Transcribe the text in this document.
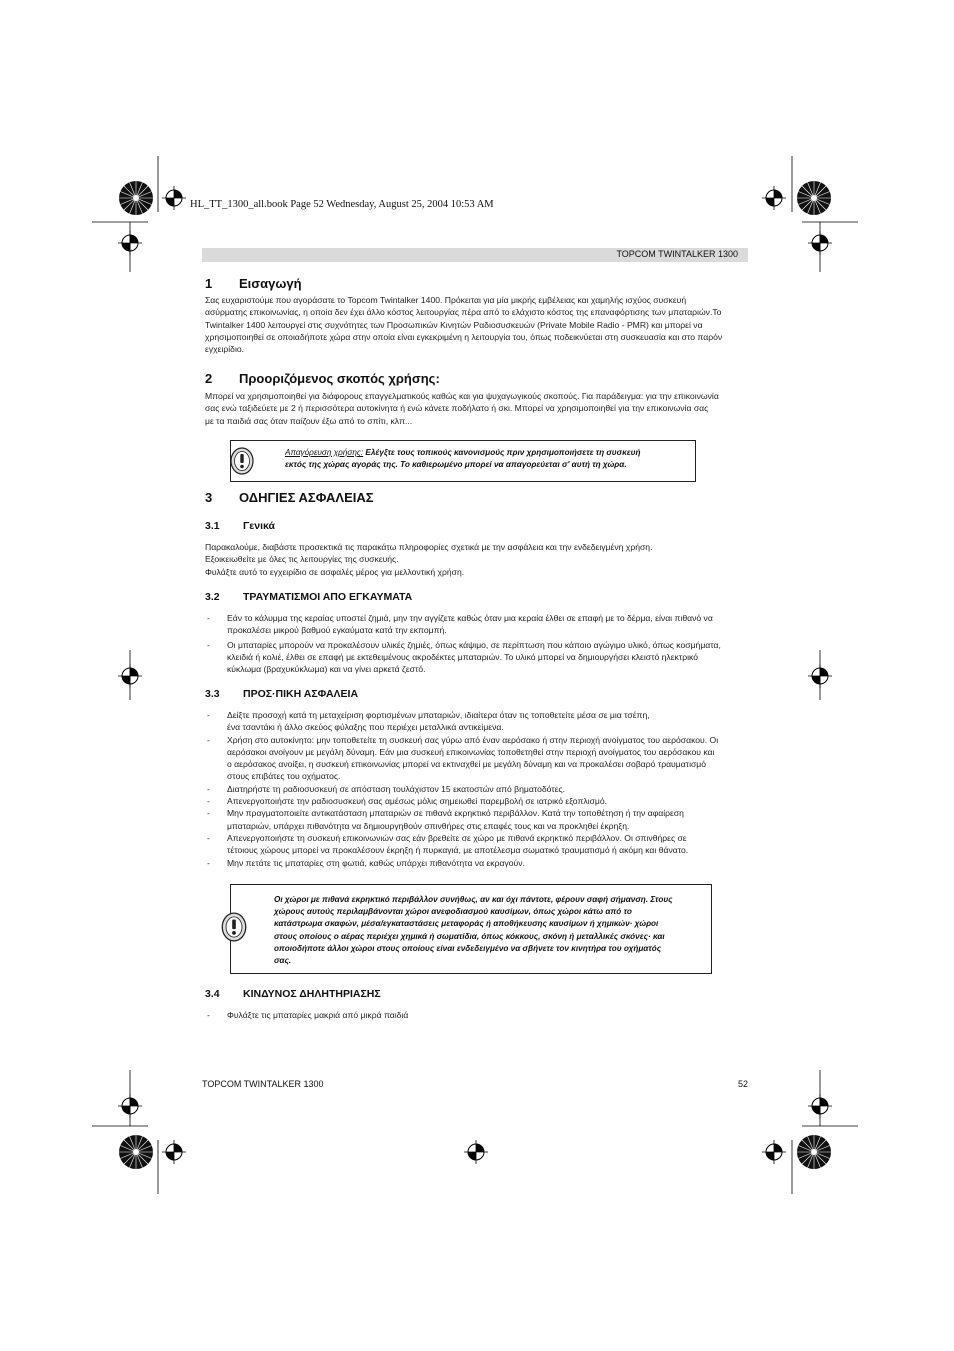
HL_TT_1300_all.book Page 52 Wednesday, August 25, 2004 10:53 AM
TOPCOM TWINTALKER 1300
1 Εισαγωγή

Σας ευχαριστούμε που αγοράσατε το Topcom Twintalker 1400. Πρόκειται για μία μικρής εμβέλειας και χαμηλής ισχύος συσκευή

ασύρματης επικοινωνίας, η οποία δεν έχει άλλο κόστος λειτουργίας πέρα από το ελάχιστο κόστος της επαναφόρτισης των μπαταριών.Το

Twintalker 1400 λειτουργεί στις συχνότητες των Προσωπικών Κινητών Ραδιοσυσκευών (Private Mobile Radio - PMR) και μπορεί να

χρησιμοποιηθεί σε οποιαδήποτε χώρα στην οποία είναι εγκεκριμένη η λειτουργία του, όπως ποδεικνύεται στη συσκευασία και στο παρόν

εγχειρίδιο.

2 Προοριζόμενος σκοπός χρήσης:

Μπορεί να χρησιμοποιηθεί για διάφορους επαγγελματικούς καθώς και για ψυχαγωγικούς σκοπούς. Για παράδειγμα: για την επικοινωνία

σας ενώ ταξιδεύετε με 2 ή περισσότερα αυτοκίνητα ή ενώ κάνετε ποδήλατο ή σκι. Μπορεί να χρησιμοποιηθεί για την επικοινωνία σας

με τα παιδιά σας όταν παίζουν έξω από το σπίτι, κλπ...

Απαγόρευση χρήσης: Ελέγξτε τους τοπικούς κανονισμούς πριν χρησιμοποιήσετε τη συσκευή
εκτός της χώρας αγοράς της. Το καθιερωμένο μπορεί να απαγορεύεται σ' αυτή τη χώρα.
3 ΟΔΗΓΙΕΣ ΑΣΦΑΛΕΙΑΣ
3.1 Γενικά

Παρακαλούμε, διαβάστε προσεκτικά τις παρακάτω πληροφορίες σχετικά με την ασφάλεια και την ενδεδειγμένη χρήση.

Εξοικειωθείτε με όλες τις λειτουργίες της συσκευής.

Φυλάξτε αυτό το εγχειρίδιο σε ασφαλές μέρος για μελλοντική χρήση.

3.2 ΤΡΑΥΜΑΤΙΣΜΟΙ ΑΠΟ ΕΓΚΑΥΜΑΤΑ
- Εάν το κάλυμμα της κεραίας υποστεί ζημιά, μην την αγγίζετε καθώς όταν μια κεραία έλθει σε επαφή με το δέρμα, είναι πιθανό να
προκαλέσει μικρού βαθμού εγκαύματα κατά την εκπομπή.
- Οι μπαταρίες μπορούν να προκαλέσουν υλικές ζημιές, όπως κάψιμο, σε περίπτωση που κάποιο αγώγιμο υλικό, όπως κοσμήματα,
κλειδιά ή κολιέ, έλθει σε επαφή με εκτεθειμένους ακροδέκτες μπαταριών. Το υλικό μπορεί να δημιουργήσει κλειστό ηλεκτρικό
κύκλωμα (βραχυκύκλωμα) και να γίνει αρκετά ζεστό.
3.3 ΠΡΟΣ·ΠΙΚΗ ΑΣΦΑΛΕΙΑ
- Δείξτε προσοχή κατά τη μεταχείριση φορτισμένων μπαταριών, ιδιαίτερα όταν τις τοποθετείτε μέσα σε μια τσέπη,
ένα τσαντάκι ή άλλο σκεύος φύλαξης που περιέχει μεταλλικά αντικείμενα.
- Χρήση στο αυτοκίνητο: μην τοποθετείτε τη συσκευή σας γύρω από έναν αερόσακο ή στην περιοχή ανοίγματος του αερόσακου. Οι
αερόσακοι ανοίγουν με μεγάλη δύναμη. Εάν μια συσκευή επικοινωνίας τοποθετηθεί στην περιοχή ανοίγματος του αερόσακου και
ο αερόσακος ανοίξει, η συσκευή επικοινωνίας μπορεί να εκτιναχθεί με μεγάλη δύναμη και να προκαλέσει σοβαρό τραυματισμό
στους επιβάτες του οχήματος.
- Διατηρήστε τη ραδιοσυσκευή σε απόσταση τουλάχιστον 15 εκατοστών από βηματοδότες.
- Απενεργοποιήστε την ραδιοσυσκευή σας αμέσως μόλις σημειωθεί παρεμβολή σε ιατρικό εξοπλισμό.
- Μην πραγματοποιείτε αντικατάσταση μπαταριών σε πιθανά εκρηκτικό περιβάλλον. Κατά την τοποθέτηση ή την αφαίρεση
μπαταριών, υπάρχει πιθανότητα να δημιουργηθούν σπινθήρες στις επαφές τους και να προκληθεί έκρηξη.
- Απενεργοποιήστε τη συσκευή επικοινωνιών σας εάν βρεθείτε σε χώρο με πιθανά εκρηκτικό περιβάλλον. Οι σπινθήρες σε
τέτοιους χώρους μπορεί να προκαλέσουν έκρηξη ή πυρκαγιά, με αποτέλεσμα σωματικό τραυματισμό ή ακόμη και θάνατο.
- Μην πετάτε τις μπαταρίες στη φωτιά, καθώς υπάρχει πιθανότητα να εκραγούν.
Οι χώροι με πιθανά εκρηκτικό περιβάλλον συνήθως, αν και όχι πάντοτε, φέρουν σαφή σήμανση. Στους
χώρους αυτούς περιλαμβάνονται χώροι ανεφοδιασμού καυσίμων, όπως χώροι κάτω από το
κατάστρωμα σκαφών, μέσα/εγκαταστάσεις μεταφοράς ή αποθήκευσης καυσίμων ή χημικών· χώροι
στους οποίους ο αέρας περιέχει χημικά ή σωματίδια, όπως κόκκους, σκόνη ή μεταλλικές σκόνες· και
οποιοδήποτε άλλοι χώροι στους οποίους είναι ενδεδειγμένο να σβήνετε τον κινητήρα του οχήματός
σας.
3.4 ΚΙΝΔΥΝΟΣ ΔΗΛΗΤΗΡΙΑΣΗΣ
- Φυλάξτε τις μπαταρίες μακριά από μικρά παιδιά
TOPCOM TWINTALKER 1300	52
